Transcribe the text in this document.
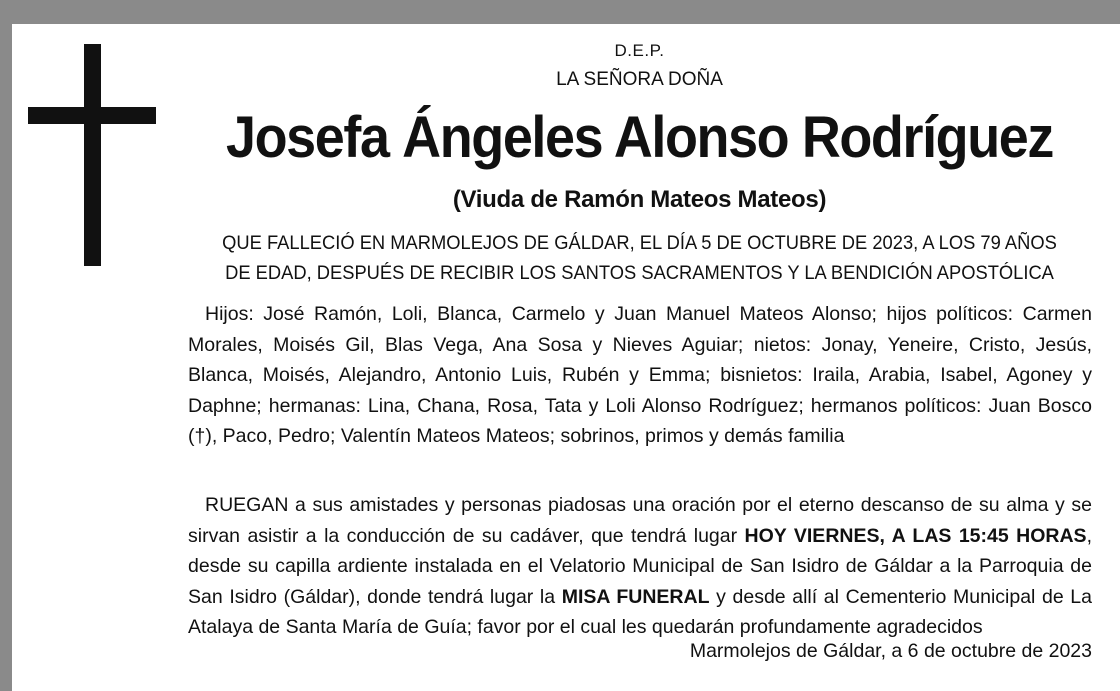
D.E.P.
LA SEÑORA DOÑA
Josefa Ángeles Alonso Rodríguez
(Viuda de Ramón Mateos Mateos)
QUE FALLECIÓ EN MARMOLEJOS DE GÁLDAR, EL DÍA 5 DE OCTUBRE DE 2023, A LOS 79 AÑOS
DE EDAD, DESPUÉS DE RECIBIR LOS SANTOS SACRAMENTOS Y LA BENDICIÓN APOSTÓLICA

Hijos: José Ramón, Loli, Blanca, Carmelo y Juan Manuel Mateos Alonso; hijos políticos: Carmen Morales, Moisés Gil, Blas Vega, Ana Sosa y Nieves Aguiar; nietos: Jonay, Yeneire, Cristo, Jesús, Blanca, Moisés, Alejandro, Antonio Luis, Rubén y Emma; bisnietos: Iraila, Arabia, Isabel, Agoney y Daphne; hermanas: Lina, Chana, Rosa, Tata y Loli Alonso Rodríguez; hermanos políticos: Juan Bosco (†), Paco, Pedro; Valentín Mateos Mateos; sobrinos, primos y demás familia

RUEGAN a sus amistades y personas piadosas una oración por el eterno descanso de su alma y se sirvan asistir a la conducción de su cadáver, que tendrá lugar HOY VIERNES, A LAS 15:45 HORAS, desde su capilla ardiente instalada en el Velatorio Municipal de San Isidro de Gáldar a la Parroquia de San Isidro (Gáldar), donde tendrá lugar la MISA FUNERAL y desde allí al Cementerio Municipal de La Atalaya de Santa María de Guía; favor por el cual les quedarán profundamente agradecidos

Marmolejos de Gáldar, a 6 de octubre de 2023
